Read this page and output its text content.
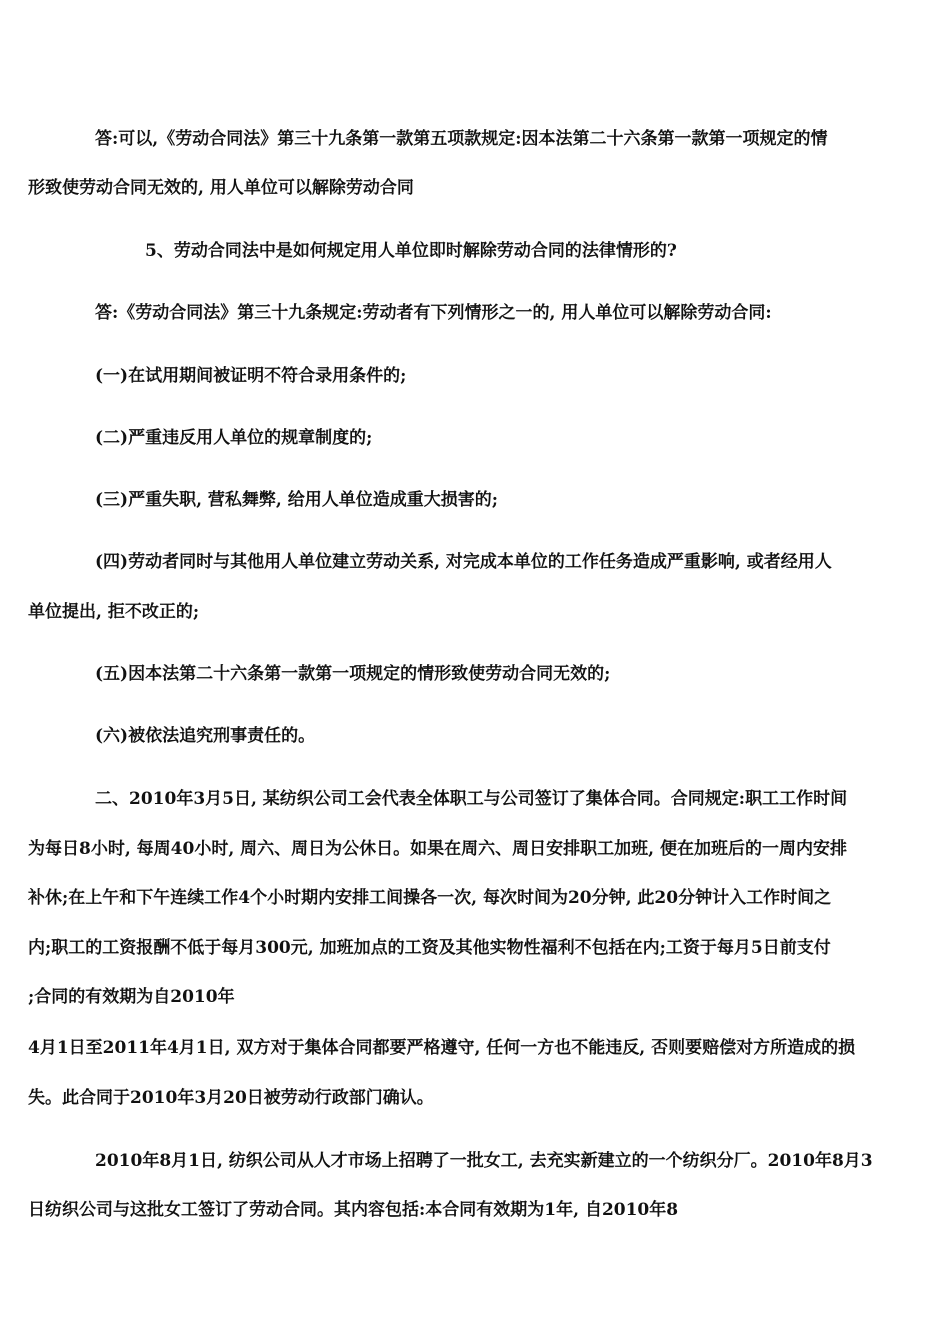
答:可以,《劳动合同法》第三十九条第一款第五项款规定:因本法第二十六条第一款第一项规定的情
形致使劳动合同无效的, 用人单位可以解除劳动合同
5、劳动合同法中是如何规定用人单位即时解除劳动合同的法律情形的?
答:《劳动合同法》第三十九条规定:劳动者有下列情形之一的, 用人单位可以解除劳动合同:
(一)在试用期间被证明不符合录用条件的;
(二)严重违反用人单位的规章制度的;
(三)严重失职, 营私舞弊, 给用人单位造成重大损害的;
(四)劳动者同时与其他用人单位建立劳动关系, 对完成本单位的工作任务造成严重影响, 或者经用人
单位提出, 拒不改正的;
(五)因本法第二十六条第一款第一项规定的情形致使劳动合同无效的;
(六)被依法追究刑事责任的。
二、2010年3月5日, 某纺织公司工会代表全体职工与公司签订了集体合同。合同规定:职工工作时间
为每日8小时, 每周40小时, 周六、周日为公休日。如果在周六、周日安排职工加班, 便在加班后的一周内安排
补休;在上午和下午连续工作4个小时期内安排工间操各一次, 每次时间为20分钟, 此20分钟计入工作时间之
内;职工的工资报酬不低于每月300元, 加班加点的工资及其他实物性福利不包括在内;工资于每月5日前支付
;合同的有效期为自2010年
4月1日至2011年4月1日, 双方对于集体合同都要严格遵守, 任何一方也不能违反, 否则要赔偿对方所造成的损
失。此合同于2010年3月20日被劳动行政部门确认。
2010年8月1日, 纺织公司从人才市场上招聘了一批女工, 去充实新建立的一个纺织分厂。2010年8月3
日纺织公司与这批女工签订了劳动合同。其内容包括:本合同有效期为1年, 自2010年8
